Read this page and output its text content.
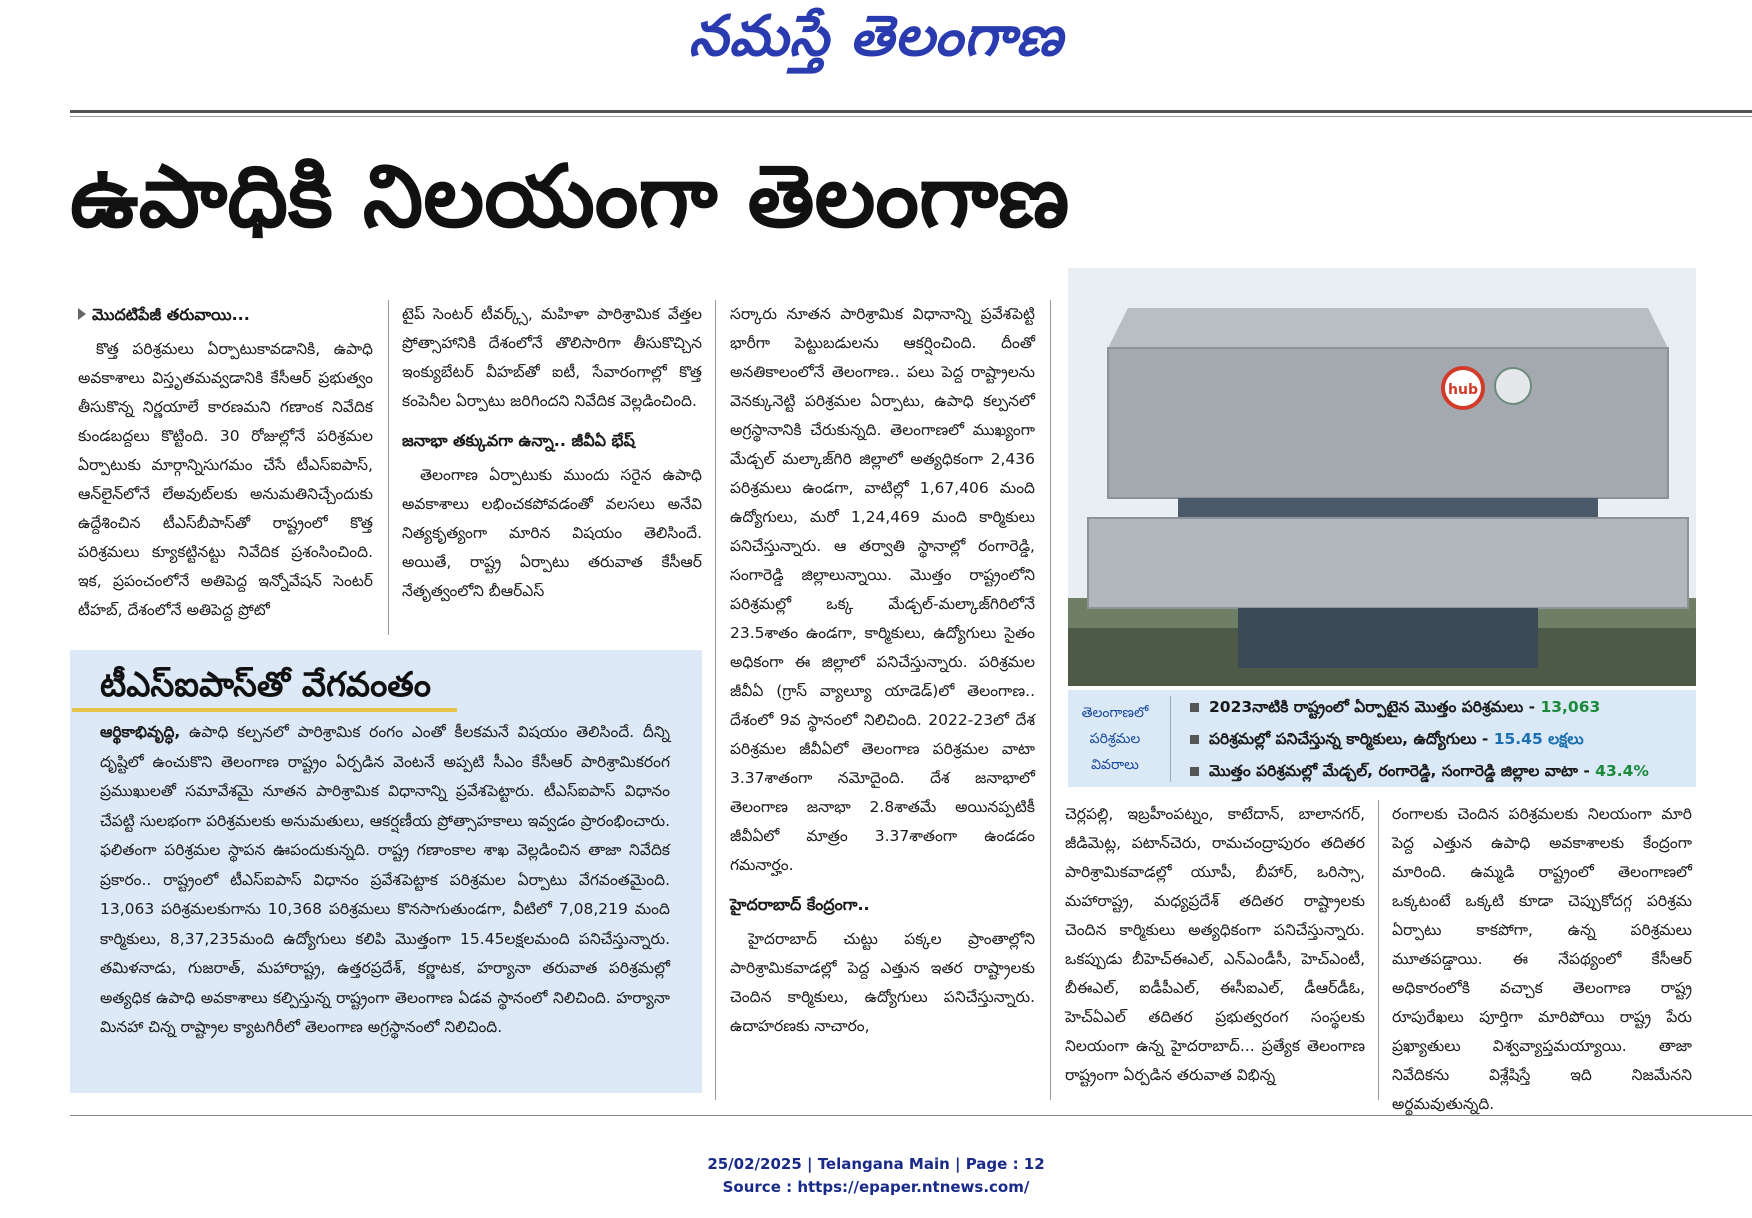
నమస్తే తెలంగాణ
ఉపాధికి నిలయంగా తెలంగాణ
మొదటిపేజీ తరువాయి...

కొత్త పరిశ్రమలు ఏర్పాటుకావడానికి, ఉపాధి అవకాశాలు విస్తృతమవ్వడానికి కేసీఆర్ ప్రభుత్వం తీసుకొన్న నిర్ణయాలే కారణమని గణాంక నివేదిక కుండబద్దలు కొట్టింది. 30 రోజుల్లోనే పరిశ్రమల ఏర్పాటుకు మార్గాన్నిసుగమం చేసే టీఎస్ఐపాస్, ఆన్‌లైన్‌లోనే లేఅవుట్‌లకు అనుమతినిచ్చేందుకు ఉద్దేశించిన టీఎస్‌బీపాస్‌తో రాష్ట్రంలో కొత్త పరిశ్రమలు క్యూకట్టినట్టు నివేదిక ప్రశంసించింది. ఇక, ప్రపంచంలోనే అతిపెద్ద ఇన్నోవేషన్ సెంటర్ టీహబ్, దేశంలోనే అతిపెద్ద ప్రోటో

టైప్ సెంటర్ టీవర్క్స్, మహిళా పారిశ్రామిక వేత్తల ప్రోత్సాహానికి దేశంలోనే తొలిసారిగా తీసుకొచ్చిన ఇంక్యుబేటర్ వీహబ్‌తో ఐటీ, సేవారంగాల్లో కొత్త కంపెనీల ఏర్పాటు జరిగిందని నివేదిక వెల్లడించింది.

జనాభా తక్కువగా ఉన్నా.. జీవీఏ భేష్

తెలంగాణ ఏర్పాటుకు ముందు సరైన ఉపాధి అవకాశాలు లభించకపోవడంతో వలసలు అనేవి నిత్యకృత్యంగా మారిన విషయం తెలిసిందే. అయితే, రాష్ట్ర ఏర్పాటు తరువాత కేసీఆర్ నేతృత్వంలోని బీఆర్ఎస్

టీఎస్ఐపాస్‌తో వేగవంతం
ఆర్థికాభివృద్ధి, ఉపాధి కల్పనలో పారిశ్రామిక రంగం ఎంతో కీలకమనే విషయం తెలిసిందే. దీన్ని దృష్టిలో ఉంచుకొని తెలంగాణ రాష్ట్రం ఏర్పడిన వెంటనే అప్పటి సీఎం కేసీఆర్ పారిశ్రామికరంగ ప్రముఖులతో సమావేశమై నూతన పారిశ్రామిక విధానాన్ని ప్రవేశపెట్టారు. టీఎస్ఐపాస్ విధానం చేపట్టి సులభంగా పరిశ్రమలకు అనుమతులు, ఆకర్షణీయ ప్రోత్సాహకాలు ఇవ్వడం ప్రారంభించారు. ఫలితంగా పరిశ్రమల స్థాపన ఊపందుకున్నది. రాష్ట్ర గణాంకాల శాఖ వెల్లడించిన తాజా నివేదిక ప్రకారం.. రాష్ట్రంలో టీఎస్ఐపాస్ విధానం ప్రవేశపెట్టాక పరిశ్రమల ఏర్పాటు వేగవంతమైంది. 13,063 పరిశ్రమలకుగాను 10,368 పరిశ్రమలు కొనసాగుతుండగా, వీటిలో 7,08,219 మంది కార్మికులు, 8,37,235మంది ఉద్యోగులు కలిపి మొత్తంగా 15.45లక్షలమంది పనిచేస్తున్నారు. తమిళనాడు, గుజరాత్, మహారాష్ట్ర, ఉత్తరప్రదేశ్, కర్ణాటక, హర్యానా తరువాత పరిశ్రమల్లో అత్యధిక ఉపాధి అవకాశాలు కల్పిస్తున్న రాష్ట్రంగా తెలంగాణ ఏడవ స్థానంలో నిలిచింది. హర్యానా మినహా చిన్న రాష్ట్రాల క్యాటగిరీలో తెలంగాణ అగ్రస్థానంలో నిలిచింది.

సర్కారు నూతన పారిశ్రామిక విధానాన్ని ప్రవేశపెట్టి భారీగా పెట్టుబడులను ఆకర్షించింది. దీంతో అనతికాలంలోనే తెలంగాణ.. పలు పెద్ద రాష్ట్రాలను వెనక్కునెట్టి పరిశ్రమల ఏర్పాటు, ఉపాధి కల్పనలో అగ్రస్థానానికి చేరుకున్నది. తెలంగాణలో ముఖ్యంగా మేడ్చల్ మల్కాజ్‌గిరి జిల్లాలో అత్యధికంగా 2,436 పరిశ్రమలు ఉండగా, వాటిల్లో 1,67,406 మంది ఉద్యోగులు, మరో 1,24,469 మంది కార్మికులు పనిచేస్తున్నారు. ఆ తర్వాతి స్థానాల్లో రంగారెడ్డి, సంగారెడ్డి జిల్లాలున్నాయి. మొత్తం రాష్ట్రంలోని పరిశ్రమల్లో ఒక్క మేడ్చల్-మల్కాజ్‌గిరిలోనే 23.5శాతం ఉండగా, కార్మికులు, ఉద్యోగులు సైతం అధికంగా ఈ జిల్లాలో పనిచేస్తున్నారు. పరిశ్రమల జీవీఏ (గ్రాస్ వ్యాల్యూ యాడెడ్)లో తెలంగాణ.. దేశంలో 9వ స్థానంలో నిలిచింది. 2022-23లో దేశ పరిశ్రమల జీవీఏలో తెలంగాణ పరిశ్రమల వాటా 3.37శాతంగా నమోదైంది. దేశ జనాభాలో తెలంగాణ జనాభా 2.8శాతమే అయినప్పటికీ జీవీఏలో మాత్రం 3.37శాతంగా ఉండడం గమనార్హం.

హైదరాబాద్ కేంద్రంగా..

హైదరాబాద్ చుట్టు పక్కల ప్రాంతాల్లోని పారిశ్రామికవాడల్లో పెద్ద ఎత్తున ఇతర రాష్ట్రాలకు చెందిన కార్మికులు, ఉద్యోగులు పనిచేస్తున్నారు. ఉదాహరణకు నాచారం,

hub
తెలంగాణలో పరిశ్రమల వివరాలు
2023నాటికి రాష్ట్రంలో ఏర్పాటైన మొత్తం పరిశ్రమలు - 13,063
పరిశ్రమల్లో పనిచేస్తున్న కార్మికులు, ఉద్యోగులు - 15.45 లక్షలు
మొత్తం పరిశ్రమల్లో మేడ్చల్, రంగారెడ్డి, సంగారెడ్డి జిల్లాల వాటా - 43.4%

చెర్లపల్లి, ఇబ్రహీంపట్నం, కాటేదాన్, బాలానగర్, జీడిమెట్ల, పటాన్‌చెరు, రామచంద్రాపురం తదితర పారిశ్రామికవాడల్లో యూపీ, బీహార్, ఒరిస్సా, మహారాష్ట్ర, మధ్యప్రదేశ్ తదితర రాష్ట్రాలకు చెందిన కార్మికులు అత్యధికంగా పనిచేస్తున్నారు. ఒకప్పుడు బీహెచ్ఈఎల్, ఎన్ఎండీసీ, హెచ్ఎంటీ, బీఈఎల్, ఐడీపీఎల్, ఈసీఐఎల్, డీఆర్‌డీఓ, హెచ్ఏఎల్ తదితర ప్రభుత్వరంగ సంస్థలకు నిలయంగా ఉన్న హైదరాబాద్... ప్రత్యేక తెలంగాణ రాష్ట్రంగా ఏర్పడిన తరువాత విభిన్న

రంగాలకు చెందిన పరిశ్రమలకు నిలయంగా మారి పెద్ద ఎత్తున ఉపాధి అవకాశాలకు కేంద్రంగా మారింది. ఉమ్మడి రాష్ట్రంలో తెలంగాణలో ఒక్కటంటే ఒక్కటి కూడా చెప్పుకోదగ్గ పరిశ్రమ ఏర్పాటు కాకపోగా, ఉన్న పరిశ్రమలు మూతపడ్డాయి. ఈ నేపథ్యంలో కేసీఆర్ అధికారంలోకి వచ్చాక తెలంగాణ రాష్ట్ర రూపురేఖలు పూర్తిగా మారిపోయి రాష్ట్ర పేరు ప్రఖ్యాతులు విశ్వవ్యాప్తమయ్యాయి. తాజా నివేదికను విశ్లేషిస్తే ఇది నిజమేనని అర్థమవుతున్నది.

25/02/2025 | Telangana Main | Page : 12
Source : https://epaper.ntnews.com/
